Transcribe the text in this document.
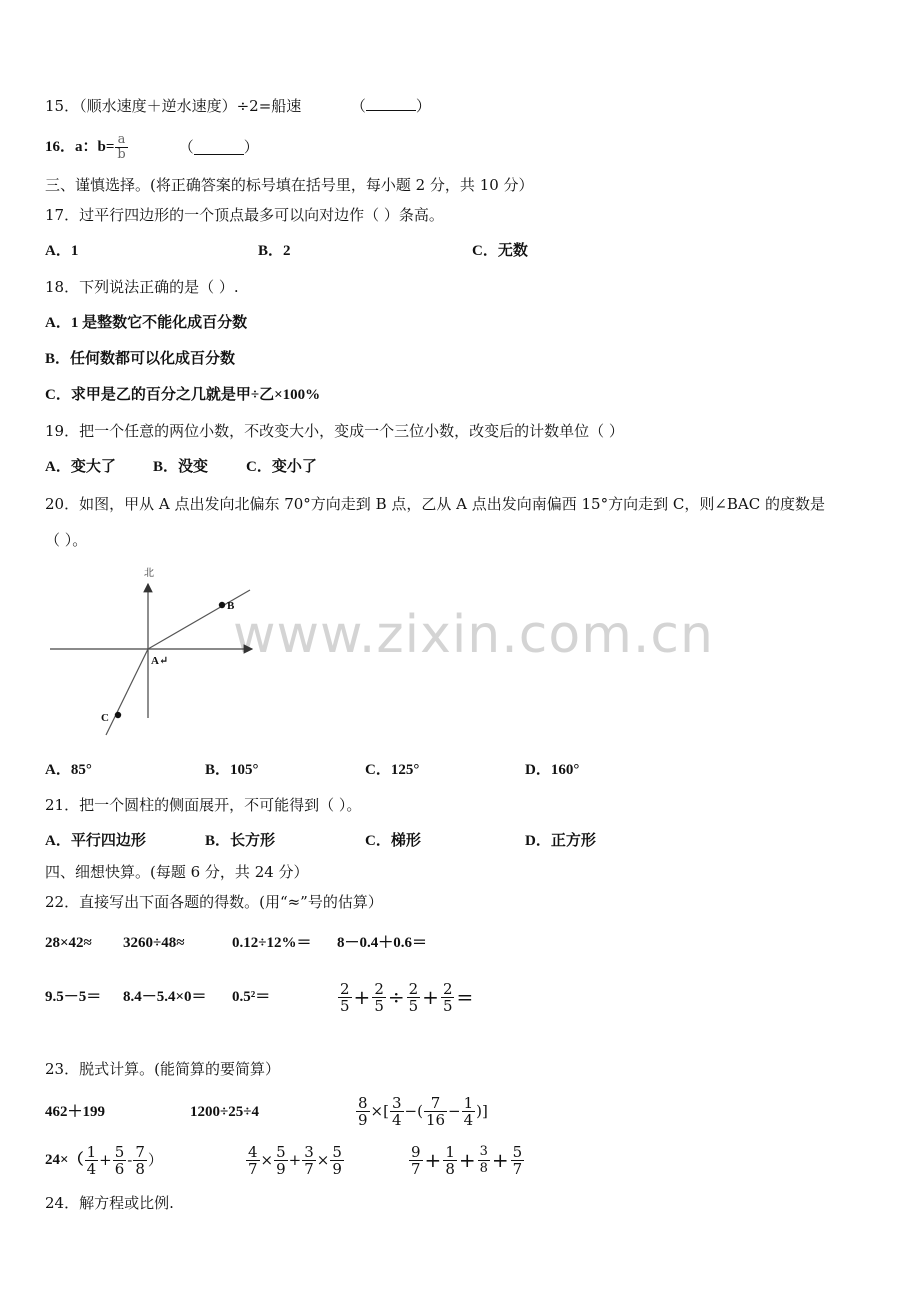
15．（顺水速度＋逆水速度）÷2=船速	（	）
16．a：$b= \frac{a}{b}$	（	）
三、谨慎选择。(将正确答案的标号填在括号里，每小题 2 分，共 10 分）
17．过平行四边形的一个顶点最多可以向对边作（ ）条高。
A．1	B．2	C．无数
18．下列说法正确的是（ ）.
A．1 是整数它不能化成百分数
B．任何数都可以化成百分数
C．求甲是乙的百分之几就是甲÷乙×100%
19．把一个任意的两位小数，不改变大小，变成一个三位小数，改变后的计数单位（ ）
A．变大了 B．没变	C．变小了
20．如图，甲从 A 点出发向北偏东 70°方向走到 B 点，乙从 A 点出发向南偏西 15°方向走到 C，则∠BAC 的度数是
（ ）。
www.zixin.com.cn
北
A↵
B
C
A．85°	B．105°	C．125°	D．160°
21．把一个圆柱的侧面展开，不可能得到（ ）。
A．平行四边形	B．长方形	C．梯形	D．正方形
四、细想快算。(每题 6 分，共 24 分）
22．直接写出下面各题的得数。(用“≈”号的估算）
28×42≈ 3260÷48≈	0.12÷12%＝ 8－0.4＋0.6＝
9.5－5＝ 8.4－5.4×0＝ 0.5²＝	$\frac{2}{5} + \frac{2}{5} \div \frac{2}{5} + \frac{2}{5}$ =
23．脱式计算。(能简算的要简算）
462＋199	1200÷25÷4	$\frac{8}{9}$ ×[ $\frac{3}{4}$ −( $\frac{7}{16} - \frac{1}{4}$ )]
$24\times( \frac{1}{4} + \frac{5}{6} - \frac{7}{8}$ ）	$\frac{4}{7} \times \frac{5}{9} + \frac{3}{7} \times \frac{5}{9}$	$\frac{9}{7} + \frac{1}{8} + \frac{3}{8} + \frac{5}{7}$
24．解方程或比例.
